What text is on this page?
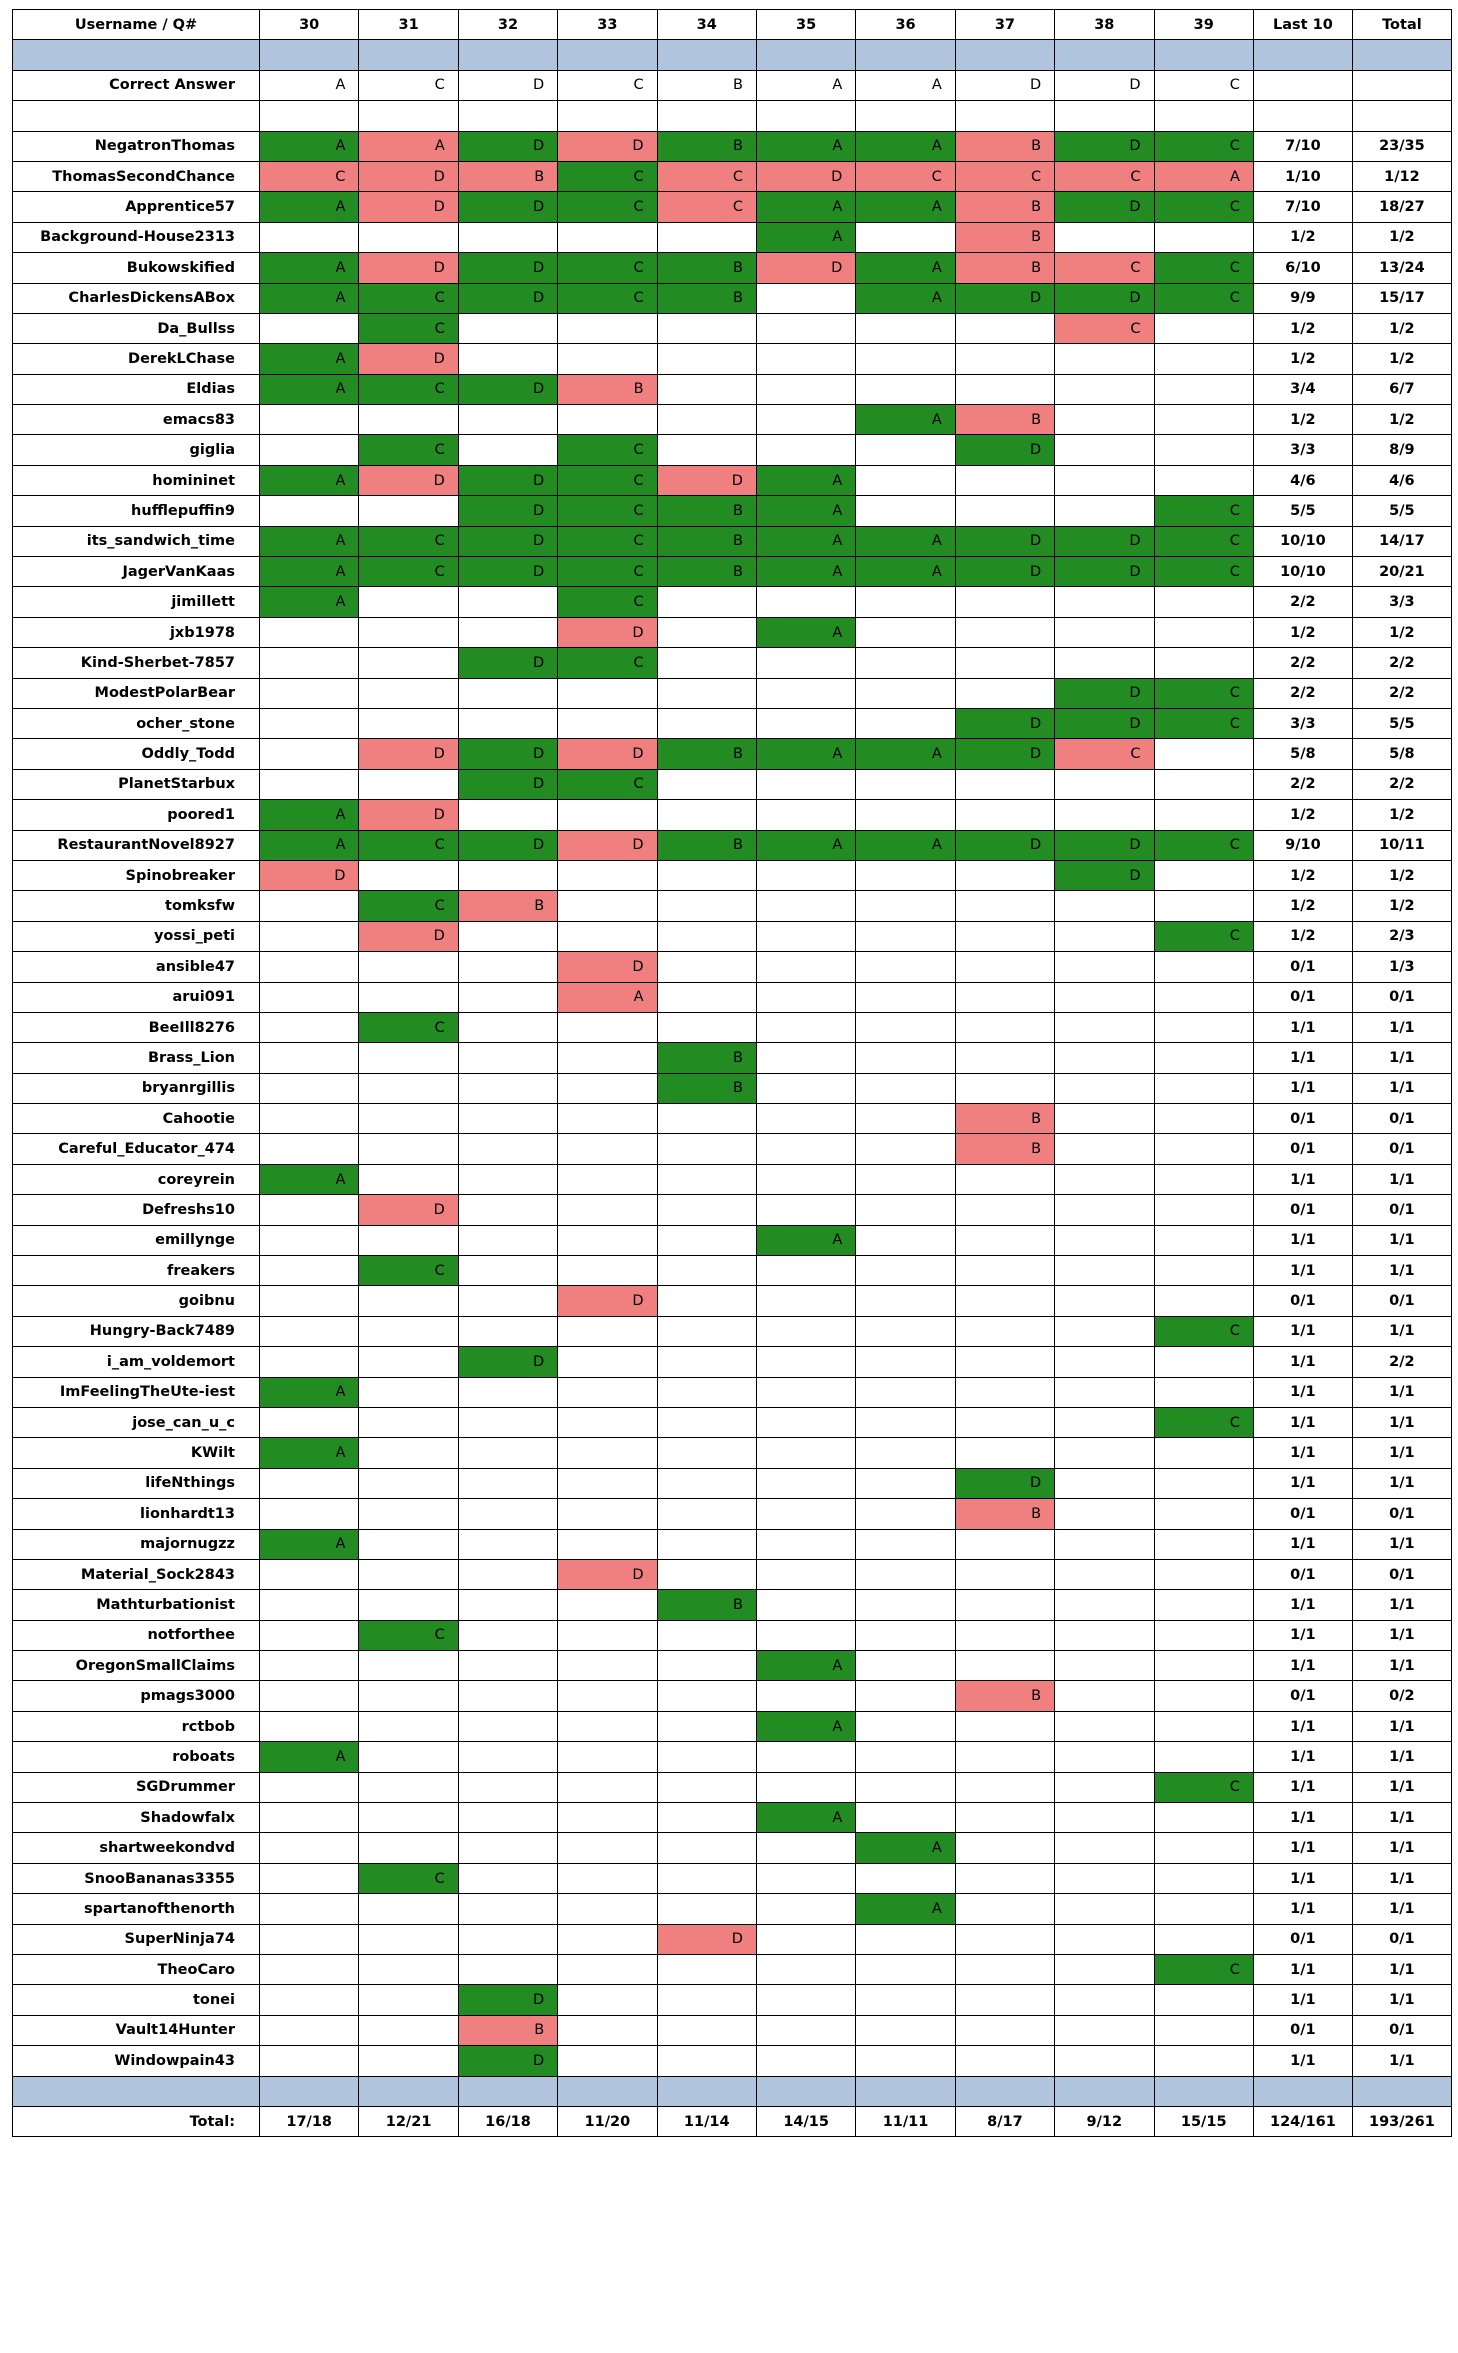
Username / Q#	30	31	32	33	34	35	36	37	38	39	Last 10	Total

Correct Answer	A	C	D	C	B	A	A	D	D	C		

NegatronThomas	A	A	D	D	B	A	A	B	D	C	7/10	23/35
ThomasSecondChance	C	D	B	C	C	D	C	C	C	A	1/10	1/12
Apprentice57	A	D	D	C	C	A	A	B	D	C	7/10	18/27
Background-House2313						A		B			1/2	1/2
Bukowskified	A	D	D	C	B	D	A	B	C	C	6/10	13/24
CharlesDickensABox	A	C	D	C	B		A	D	D	C	9/9	15/17
Da_Bullss		C							C		1/2	1/2
DerekLChase	A	D									1/2	1/2
Eldias	A	C	D	B							3/4	6/7
emacs83							A	B			1/2	1/2
giglia		C		C				D			3/3	8/9
homininet	A	D	D	C	D	A					4/6	4/6
hufflepuffin9			D	C	B	A				C	5/5	5/5
its_sandwich_time	A	C	D	C	B	A	A	D	D	C	10/10	14/17
JagerVanKaas	A	C	D	C	B	A	A	D	D	C	10/10	20/21
jimillett	A			C							2/2	3/3
jxb1978				D		A					1/2	1/2
Kind-Sherbet-7857			D	C							2/2	2/2
ModestPolarBear									D	C	2/2	2/2
ocher_stone								D	D	C	3/3	5/5
Oddly_Todd		D	D	D	B	A	A	D	C		5/8	5/8
PlanetStarbux			D	C							2/2	2/2
poored1	A	D									1/2	1/2
RestaurantNovel8927	A	C	D	D	B	A	A	D	D	C	9/10	10/11
Spinobreaker	D								D		1/2	1/2
tomksfw		C	B								1/2	1/2
yossi_peti		D								C	1/2	2/3
ansible47				D							0/1	1/3
arui091				A							0/1	0/1
BeeIll8276		C									1/1	1/1
Brass_Lion					B						1/1	1/1
bryanrgillis					B						1/1	1/1
Cahootie								B			0/1	0/1
Careful_Educator_474								B			0/1	0/1
coreyrein	A										1/1	1/1
Defreshs10		D									0/1	0/1
emillynge						A					1/1	1/1
freakers		C									1/1	1/1
goibnu				D							0/1	0/1
Hungry-Back7489										C	1/1	1/1
i_am_voldemort			D								1/1	2/2
ImFeelingTheUte-iest	A										1/1	1/1
jose_can_u_c										C	1/1	1/1
KWilt	A										1/1	1/1
lifeNthings								D			1/1	1/1
lionhardt13								B			0/1	0/1
majornugzz	A										1/1	1/1
Material_Sock2843				D							0/1	0/1
Mathturbationist					B						1/1	1/1
notforthee		C									1/1	1/1
OregonSmallClaims						A					1/1	1/1
pmags3000								B			0/1	0/2
rctbob						A					1/1	1/1
roboats	A										1/1	1/1
SGDrummer										C	1/1	1/1
Shadowfalx						A					1/1	1/1
shartweekondvd							A				1/1	1/1
SnooBananas3355		C									1/1	1/1
spartanofthenorth							A				1/1	1/1
SuperNinja74					D						0/1	0/1
TheoCaro										C	1/1	1/1
tonei			D								1/1	1/1
Vault14Hunter			B								0/1	0/1
Windowpain43			D								1/1	1/1

Total:	17/18	12/21	16/18	11/20	11/14	14/15	11/11	8/17	9/12	15/15	124/161	193/261
